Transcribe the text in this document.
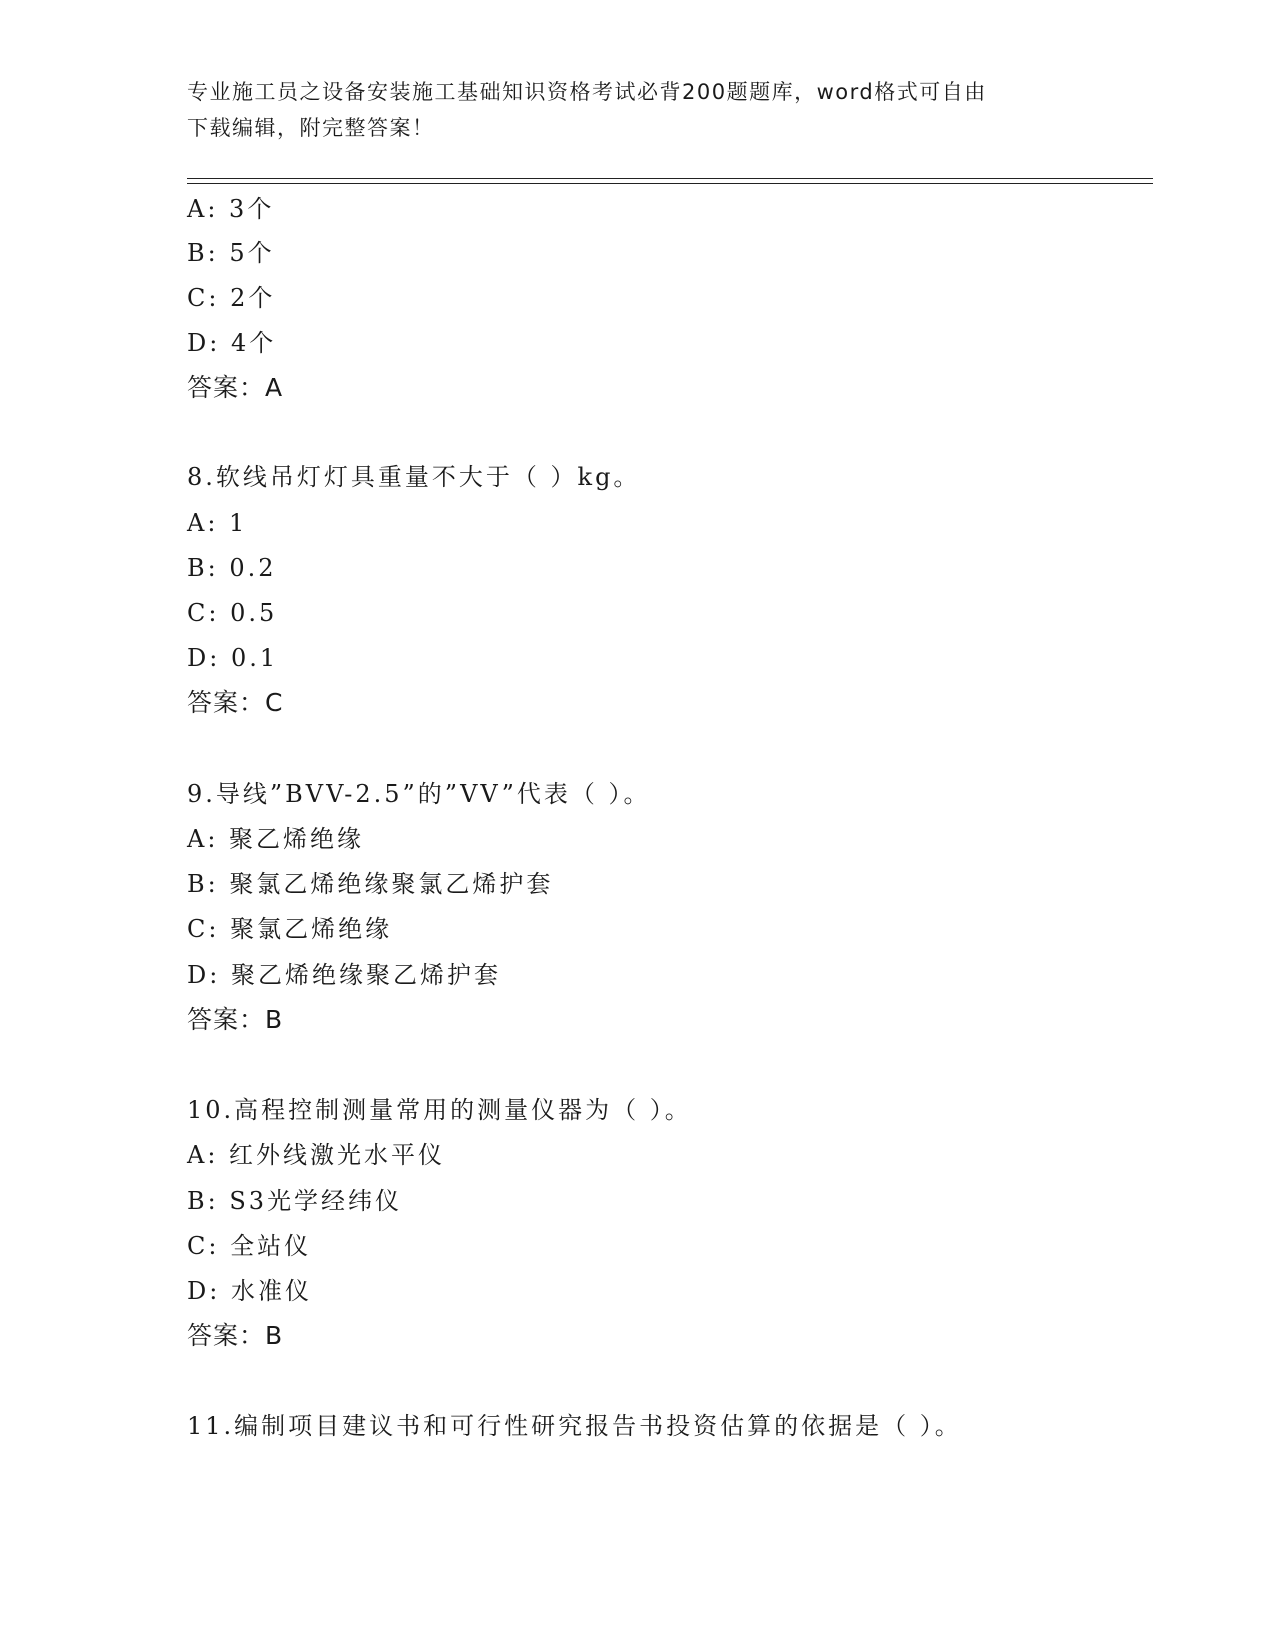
专业施工员之设备安装施工基础知识资格考试必背200题题库，word格式可自由
下载编辑，附完整答案！
A: 3个
B: 5个
C: 2个
D: 4个
答案：A
8.软线吊灯灯具重量不大于（ ）kg。
A: 1
B: 0.2
C: 0.5
D: 0.1
答案：C
9.导线”BVV-2.5”的”VV”代表（ ）。
A: 聚乙烯绝缘
B: 聚氯乙烯绝缘聚氯乙烯护套
C: 聚氯乙烯绝缘
D: 聚乙烯绝缘聚乙烯护套
答案：B
10.高程控制测量常用的测量仪器为（ ）。
A: 红外线激光水平仪
B: S3光学经纬仪
C: 全站仪
D: 水准仪
答案：B
11.编制项目建议书和可行性研究报告书投资估算的依据是（ ）。
